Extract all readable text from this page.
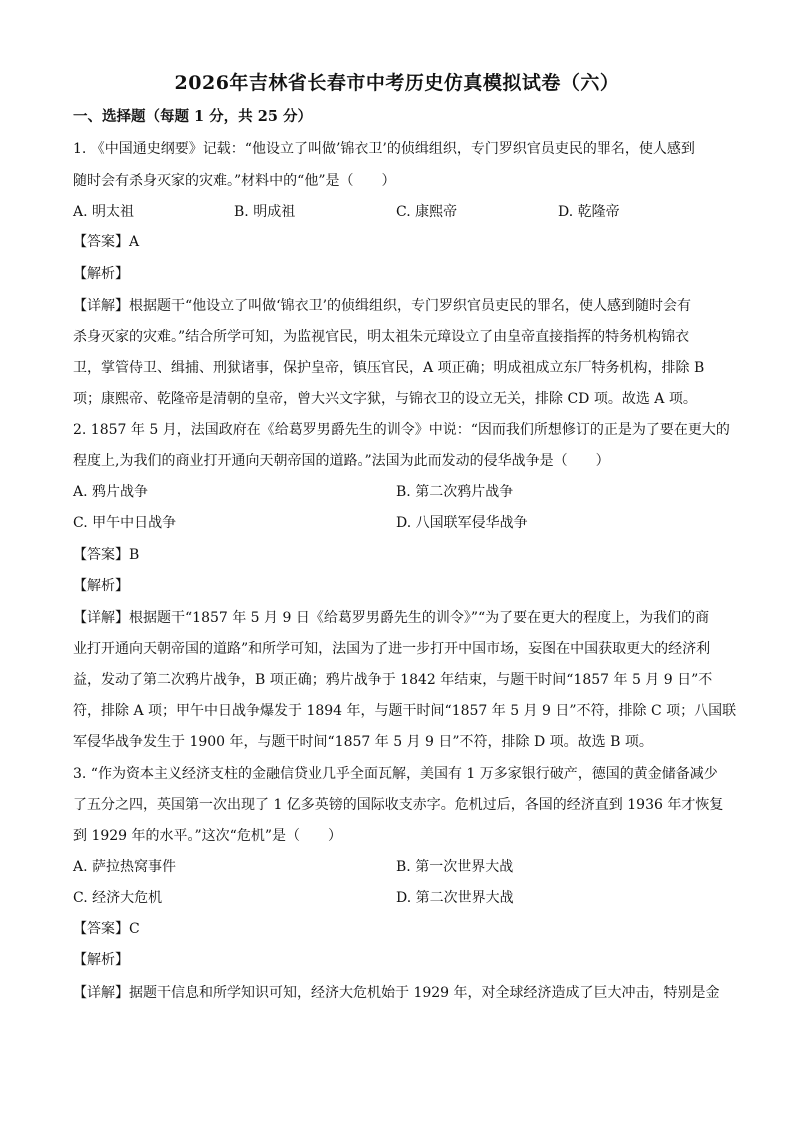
2026年吉林省长春市中考历史仿真模拟试卷（六）
一、选择题（每题 1 分，共 25 分）
1. 《中国通史纲要》记载：“他设立了叫做’锦衣卫’的侦缉组织，专门罗织官员吏民的罪名，使人感到
随时会有杀身灭家的灾难。”材料中的“他”是（　　）
A. 明太祖	B. 明成祖	C. 康熙帝	D. 乾隆帝
【答案】A
【解析】
【详解】根据题干“他设立了叫做‘锦衣卫’的侦缉组织，专门罗织官员吏民的罪名，使人感到随时会有
杀身灭家的灾难。”结合所学可知，为监视官民，明太祖朱元璋设立了由皇帝直接指挥的特务机构锦衣
卫，掌管侍卫、缉捕、刑狱诸事，保护皇帝，镇压官民，A 项正确；明成祖成立东厂特务机构，排除 B
项；康熙帝、乾隆帝是清朝的皇帝，曾大兴文字狱，与锦衣卫的设立无关，排除 CD 项。故选 A 项。
2. 1857 年 5 月，法国政府在《给葛罗男爵先生的训令》中说：“因而我们所想修订的正是为了要在更大的
程度上,为我们的商业打开通向天朝帝国的道路。”法国为此而发动的侵华战争是（　　）
A. 鸦片战争	B. 第二次鸦片战争
C. 甲午中日战争	D. 八国联军侵华战争
【答案】B
【解析】
【详解】根据题干“1857 年 5 月 9 日《给葛罗男爵先生的训令》”“为了要在更大的程度上，为我们的商
业打开通向天朝帝国的道路”和所学可知，法国为了进一步打开中国市场，妄图在中国获取更大的经济利
益，发动了第二次鸦片战争，B 项正确；鸦片战争于 1842 年结束，与题干时间“1857 年 5 月 9 日”不
符，排除 A 项；甲午中日战争爆发于 1894 年，与题干时间“1857 年 5 月 9 日”不符，排除 C 项；八国联
军侵华战争发生于 1900 年，与题干时间“1857 年 5 月 9 日”不符，排除 D 项。故选 B 项。
3. “作为资本主义经济支柱的金融信贷业几乎全面瓦解，美国有 1 万多家银行破产，德国的黄金储备减少
了五分之四，英国第一次出现了 1 亿多英镑的国际收支赤字。危机过后，各国的经济直到 1936 年才恢复
到 1929 年的水平。”这次“危机”是（　　）
A. 萨拉热窝事件	B. 第一次世界大战
C. 经济大危机	D. 第二次世界大战
【答案】C
【解析】
【详解】据题干信息和所学知识可知，经济大危机始于 1929 年，对全球经济造成了巨大冲击，特别是金
